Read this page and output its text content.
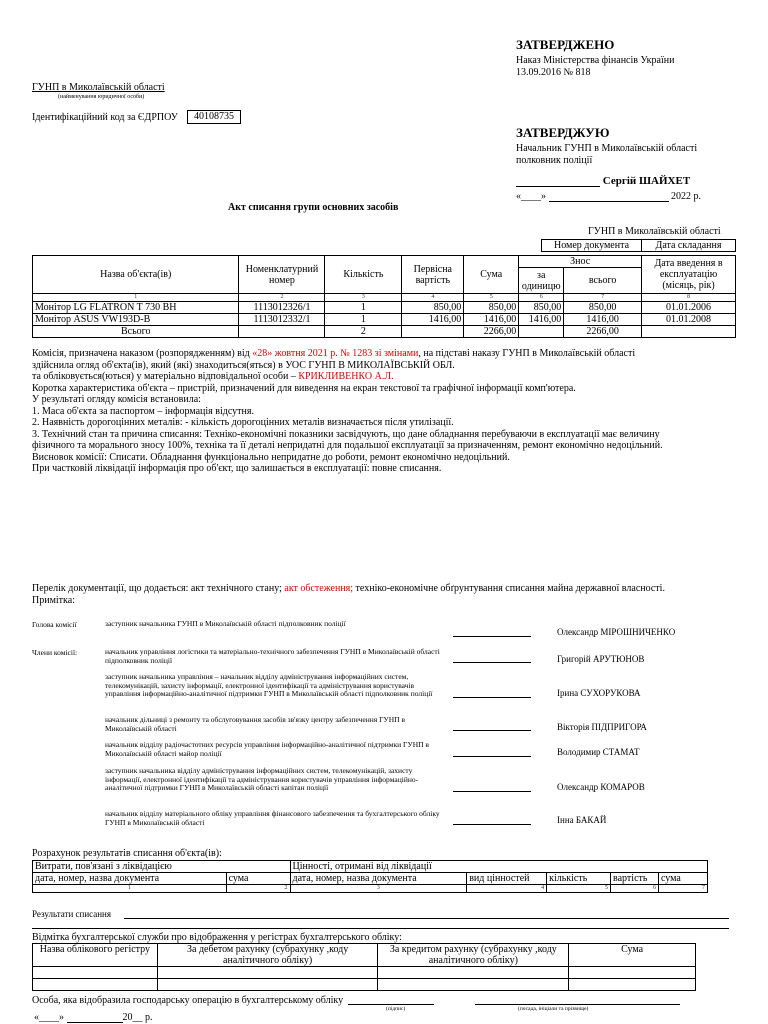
ЗАТВЕРДЖЕНО
Наказ Міністерства фінансів України
13.09.2016 № 818
ЗАТВЕРДЖУЮ
Начальник ГУНП в Миколаївській області
полковник поліції
Сергій ШАЙХЕТ
«____»	2022 р.
ГУНП в Миколаївській області
(найменування юридичної особи)
Ідентифікаційний код за ЄДРПОУ	40108735
Акт списання групи основних засобів
ГУНП в Миколаївській області
Номер документа	Дата складання
Назва об'єкта(ів)	Номенклатурний номер	Кількість	Первісна вартість	Сума	Знос		Дата введення в експлуатацію (місяць, рік)
					за одиницю	всього	
1	2	3	4	5	6	7	8
Монітор LG FLATRON T 730 BH	1113012326/1	1	850,00	850,00	850,00	850,00	01.01.2006
Монітор ASUS VW193D-B	1113012332/1	1	1416,00	1416,00	1416,00	1416,00	01.01.2008
Всього		2		2266,00		2266,00	
Комісія, призначена наказом (розпорядженням) від «28» жовтня 2021 р. № 1283 зі змінами, на підставі наказу ГУНП в Миколаївській області
здійснила огляд об'єкта(ів), який (які) знаходиться(яться) в УОС ГУНП В МИКОЛАЇВСЬКІЙ ОБЛ.
та обліковується(ються) у матеріально відповідальної особи – КРИКЛИВЕНКО А.Л.
Коротка характеристика об'єкта – пристрій, призначений для виведення на екран текстової та графічної інформації комп'ютера.
У результаті огляду комісія встановила:
1. Маса об'єкта за паспортом – інформація відсутня.
2. Наявність дорогоцінних металів: - кількість дорогоцінних металів визначається після утилізації.
3. Технічний стан та причина списання: Техніко-економічні показники засвідчують, що дане обладнання перебуваючи в експлуатації має величину
фізичного та морального зносу 100%, техніка та її деталі непридатні для подальшої експлуатації за призначенням, ремонт економічно недоцільний.
Висновок комісії: Списати. Обладнання функціонально непридатне до роботи, ремонт економічно недоцільний.
При частковій ліквідації інформація про об'єкт, що залишається в експлуатації: повне списання.
Перелік документації, що додається: акт технічного стану; акт обстеження; техніко-економічне обґрунтування списання майна державної власності.
Примітка:
Голова комісії	заступник начальника ГУНП в Миколаївській області підполковник поліції
Олександр МІРОШНИЧЕНКО
Члени комісії:	начальник управління логістики та матеріально-технічного забезпечення ГУНП в Миколаївській області підполковник поліції	Григорій АРУТЮНОВ
заступник начальника управління – начальник відділу адміністрування інформаційних систем, телекомунікацій, захисту інформації, електронної ідентифікації та адміністрування користувачів управління інформаційно-аналітичної підтримки ГУНП в Миколаївській області підполковник поліції	Ірина СУХОРУКОВА
начальник дільниці з ремонту та обслуговування засобів зв'язку центру забезпечення ГУНП в Миколаївській області	Вікторія ПІДПРИГОРА
начальник відділу радіочастотних ресурсів управління інформаційно-аналітичної підтримки ГУНП в Миколаївській області майор поліції	Володимир СТАМАТ
заступник начальника відділу адміністрування інформаційних систем, телекомунікацій, захисту інформації, електронної ідентифікації та адміністрування користувачів управління інформаційно-аналітичної підтримки ГУНП в Миколаївській області капітан поліції	Олександр КОМАРОВ
начальник відділу матеріального обліку управління фінансового забезпечення та бухгалтерського обліку ГУНП в Миколаївській області	Інна БАКАЙ
Розрахунок результатів списання об'єкта(ів):
Витрати, пов'язані з ліквідацією		Цінності, отримані від ліквідації				
дата, номер, назва документа	сума	дата, номер, назва документа	вид цінностей	кількість	вартість	сума
1	2	3	4	5	6	7
Результати списання
Відмітка бухгалтерської служби про відображення у регістрах бухгалтерського обліку:
Назва облікового регістру	За дебетом рахунку (субрахунку ,коду аналітичного обліку)	За кредитом рахунку (субрахунку ,коду аналітичного обліку)	Сума

Особа, яка відобразила господарську операцію в бухгалтерському обліку
(підпис)	(посада, ініціали та прізвище)
«____»	20__ р.
